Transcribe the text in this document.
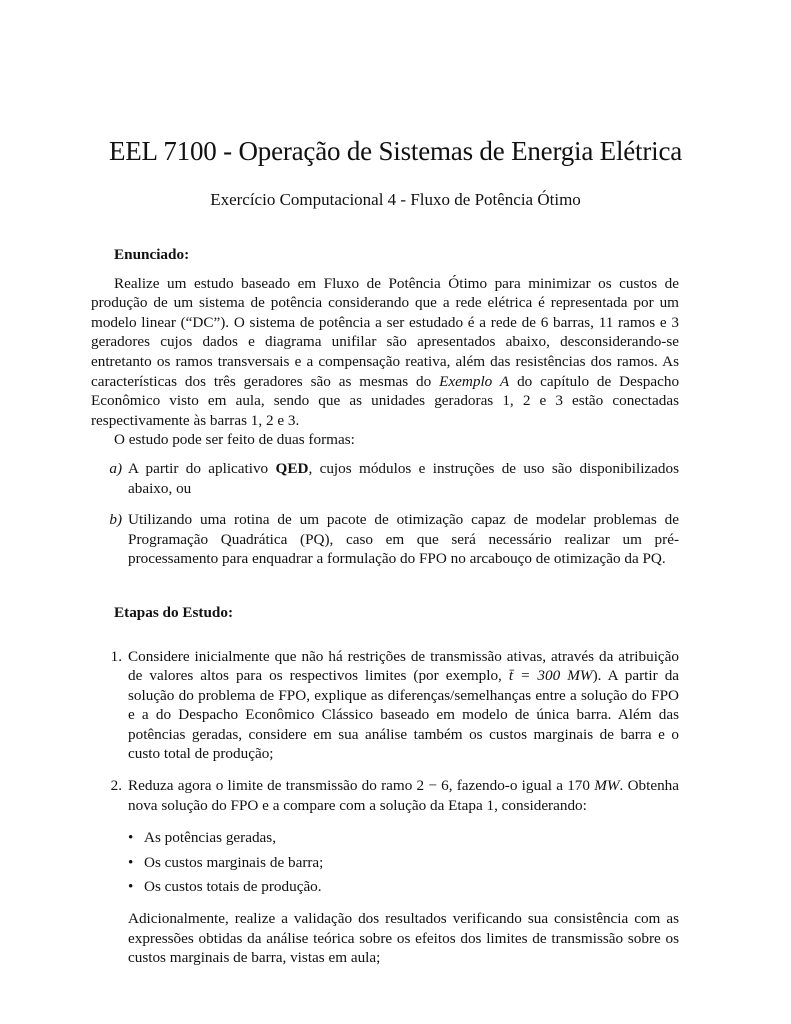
EEL 7100 - Operação de Sistemas de Energia Elétrica
Exercício Computacional 4 - Fluxo de Potência Ótimo
Enunciado:

Realize um estudo baseado em Fluxo de Potência Ótimo para minimizar os custos de produção de um sistema de potência considerando que a rede elétrica é representada por um modelo linear (“DC”). O sistema de potência a ser estudado é a rede de 6 barras, 11 ramos e 3 geradores cujos dados e diagrama unifilar são apresentados abaixo, desconsiderando-se entretanto os ramos transversais e a compensação reativa, além das resistências dos ramos. As características dos três geradores são as mesmas do Exemplo A do capítulo de Despacho Econômico visto em aula, sendo que as unidades geradoras 1, 2 e 3 estão conectadas respectivamente às barras 1, 2 e 3.

O estudo pode ser feito de duas formas:

a) A partir do aplicativo QED, cujos módulos e instruções de uso são disponibilizados abaixo, ou
b) Utilizando uma rotina de um pacote de otimização capaz de modelar problemas de Programação Quadrática (PQ), caso em que será necessário realizar um pré-processamento para enquadrar a formulação do FPO no arcabouço de otimização da PQ.
Etapas do Estudo:
1. Considere inicialmente que não há restrições de transmissão ativas, através da atribuição de valores altos para os respectivos limites (por exemplo, t̄ = 300 MW). A partir da solução do problema de FPO, explique as diferenças/semelhanças entre a solução do FPO e a do Despacho Econômico Clássico baseado em modelo de única barra. Além das potências geradas, considere em sua análise também os custos marginais de barra e o custo total de produção;
2. Reduza agora o limite de transmissão do ramo 2 − 6, fazendo-o igual a 170 MW. Obtenha nova solução do FPO e a compare com a solução da Etapa 1, considerando:

• As potências geradas,
• Os custos marginais de barra;
• Os custos totais de produção.

Adicionalmente, realize a validação dos resultados verificando sua consistência com as expressões obtidas da análise teórica sobre os efeitos dos limites de transmissão sobre os custos marginais de barra, vistas em aula;
